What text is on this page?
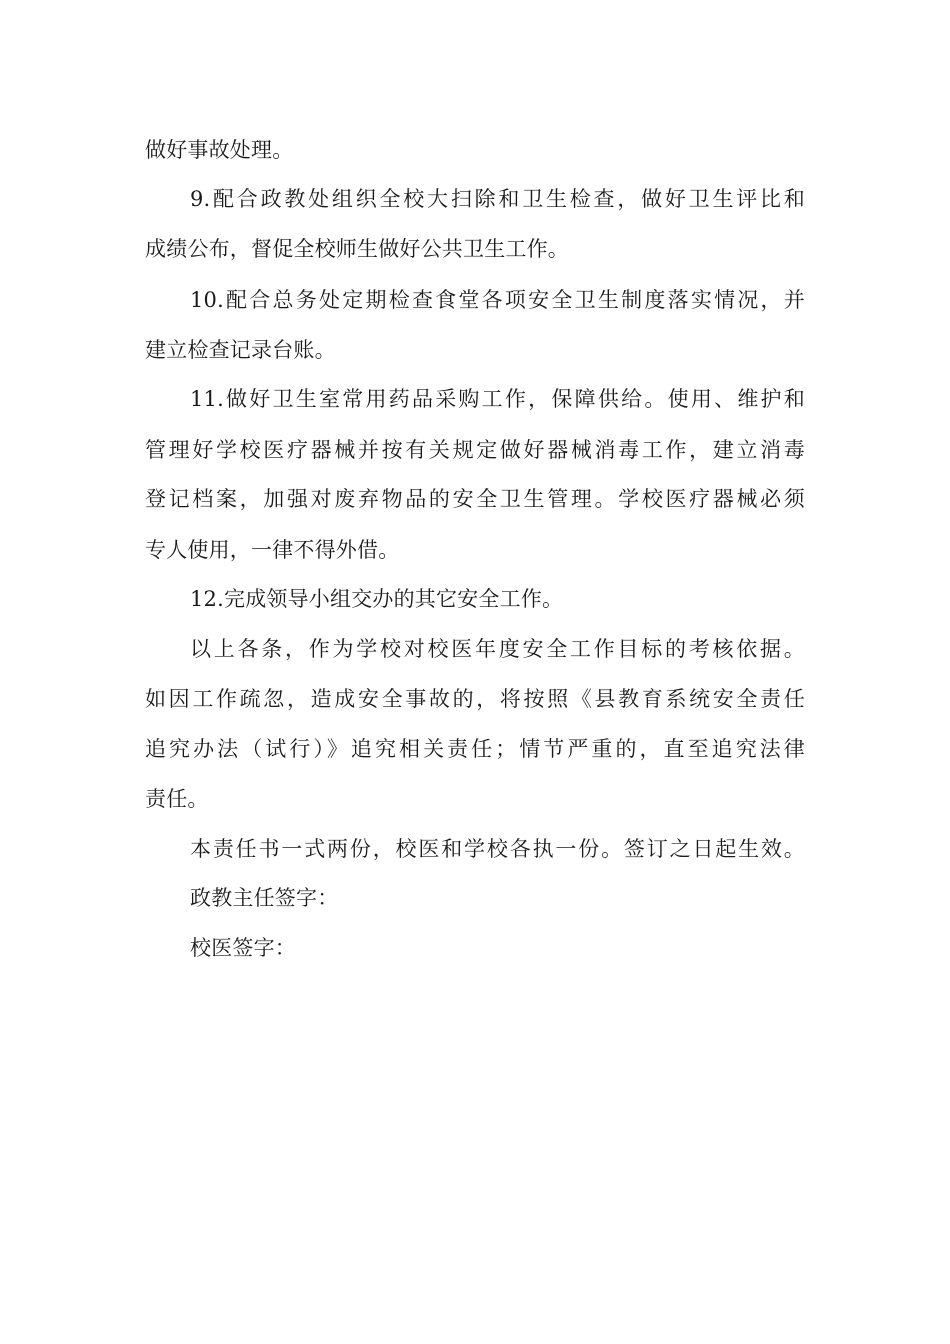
做好事故处理。
9.配合政教处组织全校大扫除和卫生检查，做好卫生评比和
成绩公布，督促全校师生做好公共卫生工作。
10.配合总务处定期检查食堂各项安全卫生制度落实情况，并
建立检查记录台账。
11.做好卫生室常用药品采购工作，保障供给。使用、维护和
管理好学校医疗器械并按有关规定做好器械消毒工作，建立消毒
登记档案，加强对废弃物品的安全卫生管理。学校医疗器械必须
专人使用，一律不得外借。
12.完成领导小组交办的其它安全工作。
以上各条，作为学校对校医年度安全工作目标的考核依据。
如因工作疏忽，造成安全事故的，将按照《县教育系统安全责任
追究办法（试行）》追究相关责任；情节严重的，直至追究法律
责任。
本责任书一式两份，校医和学校各执一份。签订之日起生效。
政教主任签字：
校医签字：
